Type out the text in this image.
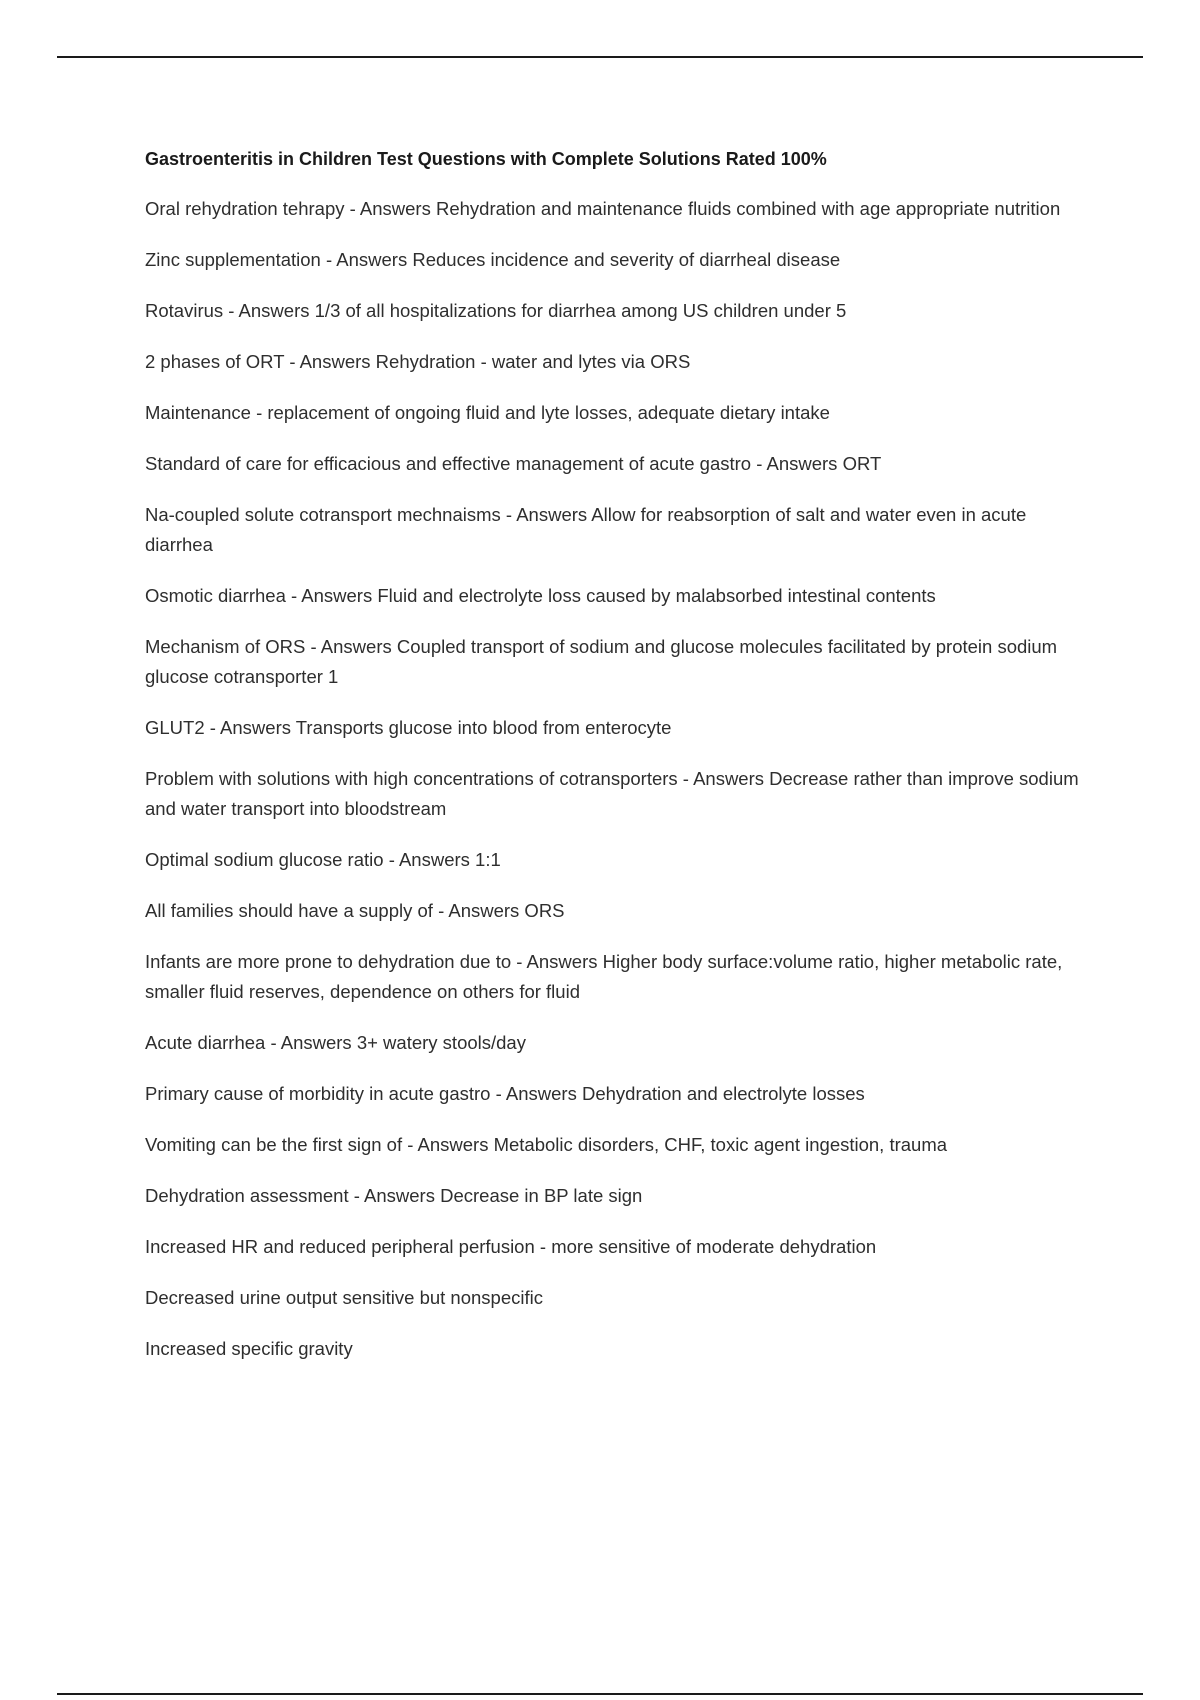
Gastroenteritis in Children Test Questions with Complete Solutions Rated 100%

Oral rehydration tehrapy - Answers Rehydration and maintenance fluids combined with age appropriate nutrition

Zinc supplementation - Answers Reduces incidence and severity of diarrheal disease

Rotavirus - Answers 1/3 of all hospitalizations for diarrhea among US children under 5

2 phases of ORT - Answers Rehydration - water and lytes via ORS

Maintenance - replacement of ongoing fluid and lyte losses, adequate dietary intake

Standard of care for efficacious and effective management of acute gastro - Answers ORT

Na-coupled solute cotransport mechnaisms - Answers Allow for reabsorption of salt and water even in acute diarrhea

Osmotic diarrhea - Answers Fluid and electrolyte loss caused by malabsorbed intestinal contents

Mechanism of ORS - Answers Coupled transport of sodium and glucose molecules facilitated by protein sodium glucose cotransporter 1

GLUT2 - Answers Transports glucose into blood from enterocyte

Problem with solutions with high concentrations of cotransporters - Answers Decrease rather than improve sodium and water transport into bloodstream

Optimal sodium glucose ratio - Answers 1:1

All families should have a supply of - Answers ORS

Infants are more prone to dehydration due to - Answers Higher body surface:volume ratio, higher metabolic rate, smaller fluid reserves, dependence on others for fluid

Acute diarrhea - Answers 3+ watery stools/day

Primary cause of morbidity in acute gastro - Answers Dehydration and electrolyte losses

Vomiting can be the first sign of - Answers Metabolic disorders, CHF, toxic agent ingestion, trauma

Dehydration assessment - Answers Decrease in BP late sign

Increased HR and reduced peripheral perfusion - more sensitive of moderate dehydration

Decreased urine output sensitive but nonspecific

Increased specific gravity
